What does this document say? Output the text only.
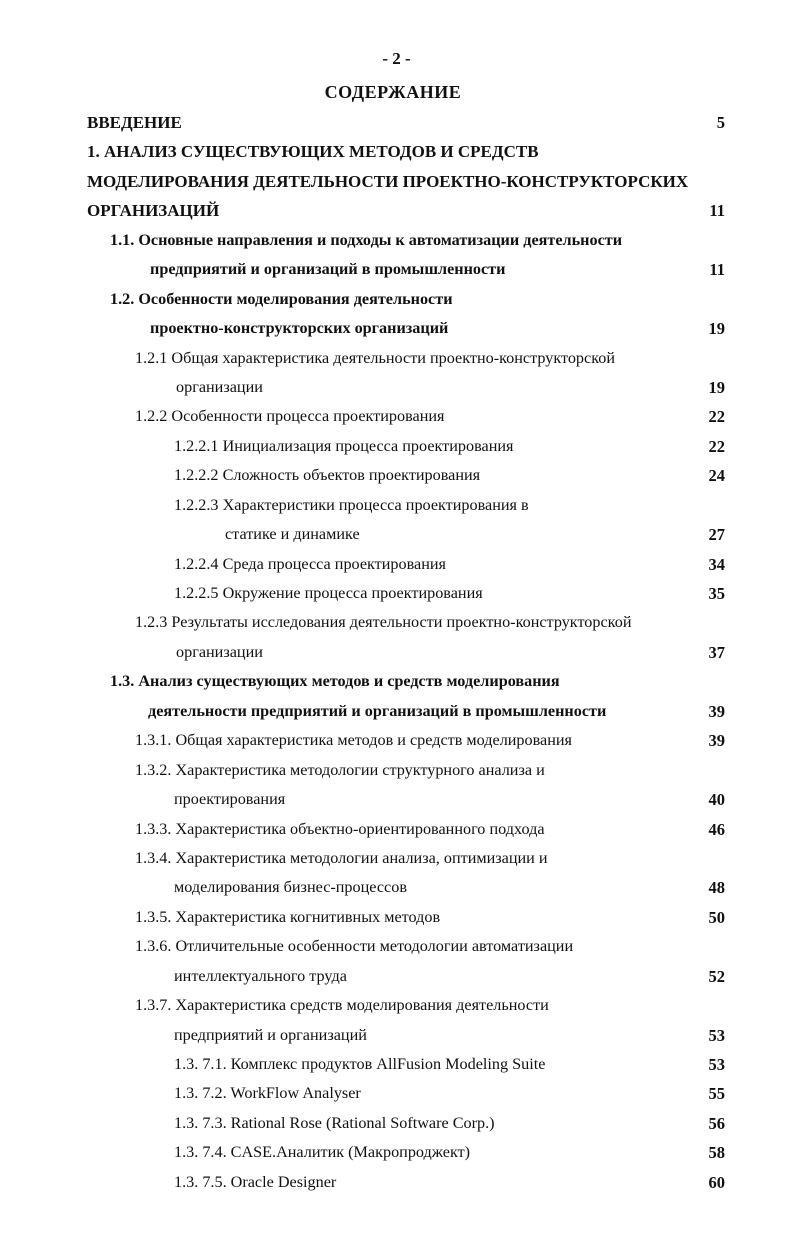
- 2 -
СОДЕРЖАНИЕ
ВВЕДЕНИЕ	5
1. АНАЛИЗ СУЩЕСТВУЮЩИХ МЕТОДОВ И СРЕДСТВ
МОДЕЛИРОВАНИЯ ДЕЯТЕЛЬНОСТИ ПРОЕКТНО-КОНСТРУКТОРСКИХ
ОРГАНИЗАЦИЙ	11
1.1. Основные направления и подходы к автоматизации деятельности
предприятий и организаций в промышленности	11
1.2. Особенности моделирования деятельности
проектно-конструкторских организаций	19
1.2.1 Общая характеристика деятельности проектно-конструкторской
организации	19
1.2.2 Особенности процесса проектирования	22
1.2.2.1 Инициализация процесса проектирования	22
1.2.2.2 Сложность объектов проектирования	24
1.2.2.3 Характеристики процесса проектирования в
статике и динамике	27
1.2.2.4 Среда процесса проектирования	34
1.2.2.5 Окружение процесса проектирования	35
1.2.3 Результаты исследования деятельности проектно-конструкторской
организации	37
1.3. Анализ существующих методов и средств моделирования
деятельности предприятий и организаций в промышленности	39
1.3.1. Общая характеристика методов и средств моделирования	39
1.3.2. Характеристика методологии структурного анализа и
проектирования	40
1.3.3. Характеристика объектно-ориентированного подхода	46
1.3.4. Характеристика методологии анализа, оптимизации и
моделирования бизнес-процессов	48
1.3.5. Характеристика когнитивных методов	50
1.3.6. Отличительные особенности методологии автоматизации
интеллектуального труда	52
1.3.7. Характеристика средств моделирования деятельности
предприятий и организаций	53
1.3. 7.1. Комплекс продуктов AllFusion Modeling Suite	53
1.3. 7.2. WorkFlow Analyser	55
1.3. 7.3. Rational Rose (Rational Software Corp.)	56
1.3. 7.4. CASE.Аналитик (Макропроджект)	58
1.3. 7.5. Oracle Designer	60
